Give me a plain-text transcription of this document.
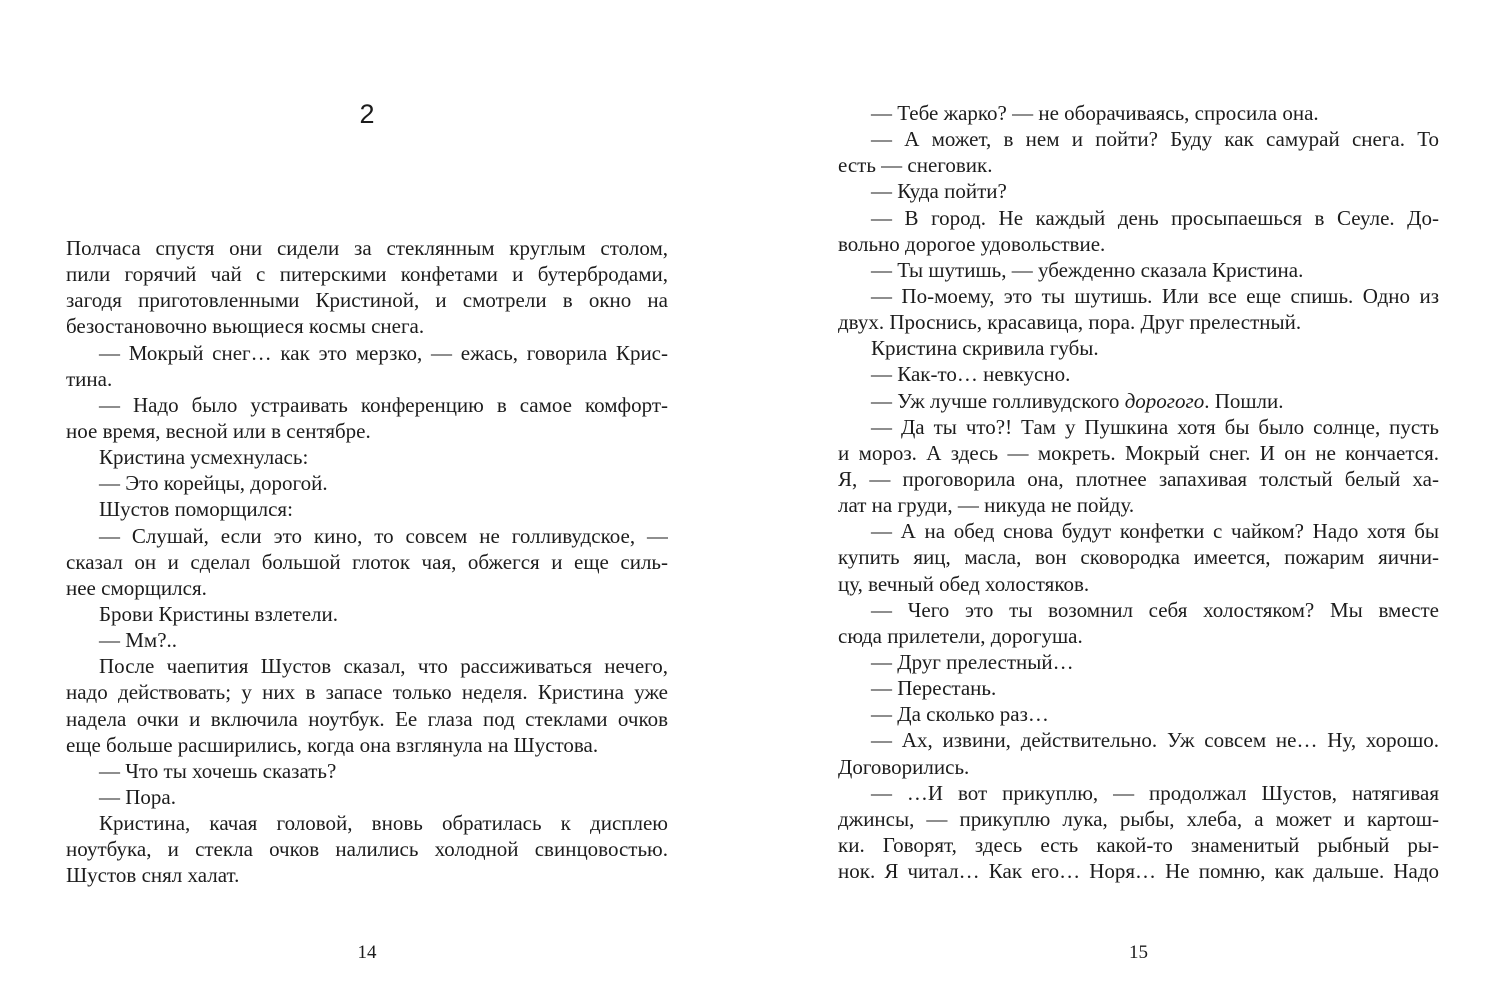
2
Полчаса спустя они сидели за стеклянным круглым столом,
пили горячий чай с питерскими конфетами и бутербродами,
загодя приготовленными Кристиной, и смотрели в окно на
безостановочно вьющиеся космы снега.
— Мокрый снег… как это мерзко, — ежась, говорила Крис-
тина.
— Надо было устраивать конференцию в самое комфорт-
ное время, весной или в сентябре.
Кристина усмехнулась:
— Это корейцы, дорогой.
Шустов поморщился:
— Слушай, если это кино, то совсем не голливудское, —
сказал он и сделал большой глоток чая, обжегся и еще силь-
нее сморщился.
Брови Кристины взлетели.
— Мм?..
После чаепития Шустов сказал, что рассиживаться нечего,
надо действовать; у них в запасе только неделя. Кристина уже
надела очки и включила ноутбук. Ее глаза под стеклами очков
еще больше расширились, когда она взглянула на Шустова.
— Что ты хочешь сказать?
— Пора.
Кристина, качая головой, вновь обратилась к дисплею
ноутбука, и стекла очков налились холодной свинцовостью.
Шустов снял халат.
14
— Тебе жарко? — не оборачиваясь, спросила она.
— А может, в нем и пойти? Буду как самурай снега. То
есть — снеговик.
— Куда пойти?
— В город. Не каждый день просыпаешься в Сеуле. До-
вольно дорогое удовольствие.
— Ты шутишь, — убежденно сказала Кристина.
— По-моему, это ты шутишь. Или все еще спишь. Одно из
двух. Проснись, красавица, пора. Друг прелестный.
Кристина скривила губы.
— Как-то… невкусно.
— Уж лучше голливудского дорогого. Пошли.
— Да ты что?! Там у Пушкина хотя бы было солнце, пусть
и мороз. А здесь — мокреть. Мокрый снег. И он не кончается.
Я, — проговорила она, плотнее запахивая толстый белый ха-
лат на груди, — никуда не пойду.
— А на обед снова будут конфетки с чайком? Надо хотя бы
купить яиц, масла, вон сковородка имеется, пожарим яични-
цу, вечный обед холостяков.
— Чего это ты возомнил себя холостяком? Мы вместе
сюда прилетели, дорогуша.
— Друг прелестный…
— Перестань.
— Да сколько раз…
— Ах, извини, действительно. Уж совсем не… Ну, хорошо.
Договорились.
— …И вот прикуплю, — продолжал Шустов, натягивая
джинсы, — прикуплю лука, рыбы, хлеба, а может и картош-
ки. Говорят, здесь есть какой-то знаменитый рыбный ры-
нок. Я читал… Как его… Норя… Не помню, как дальше. Надо
15
